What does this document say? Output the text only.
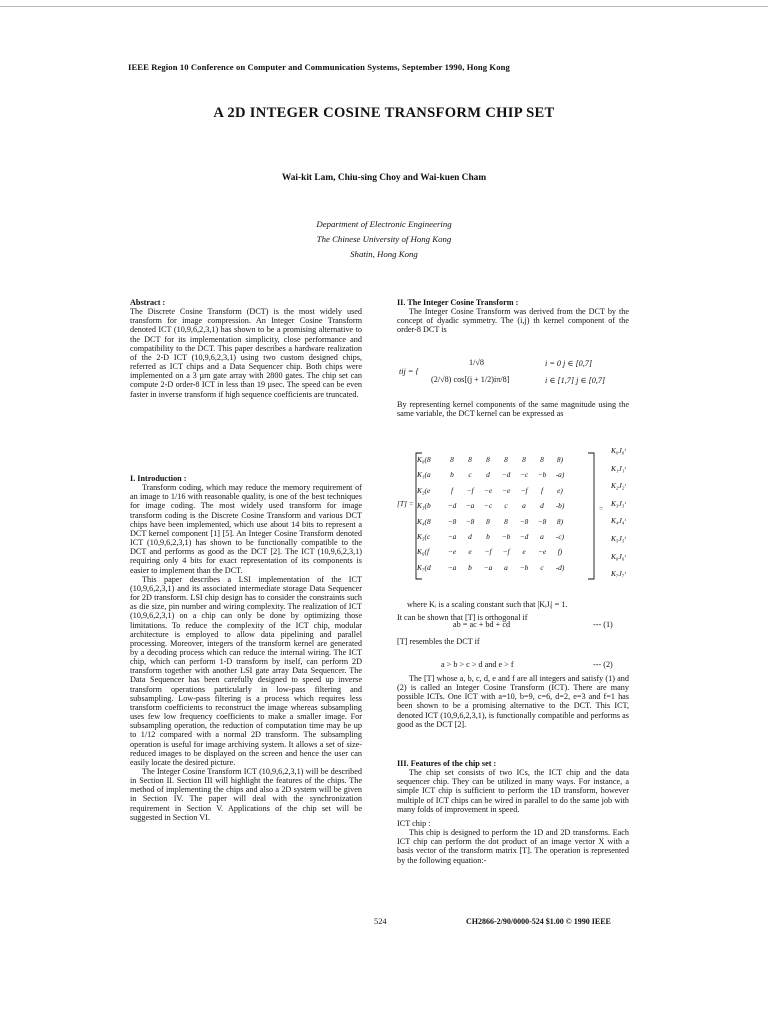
IEEE Region 10 Conference on Computer and Communication Systems, September 1990, Hong Kong
A 2D INTEGER COSINE TRANSFORM CHIP SET
Wai-kit Lam, Chiu-sing Choy and Wai-kuen Cham
Department of Electronic Engineering
The Chinese University of Hong Kong
Shatin, Hong Kong

Abstract :

The Discrete Cosine Transform (DCT) is the most widely used transform for image compression. An Integer Cosine Transform denoted ICT (10,9,6,2,3,1) has shown to be a promising alternative to the DCT for its implementation simplicity, close performance and compatibility to the DCT. This paper describes a hardware realization of the 2-D ICT (10,9,6,2,3,1) using two custom designed chips, referred as ICT chips and a Data Sequencer chip. Both chips were implemented on a 3 µm gate array with 2800 gates. The chip set can compute 2-D order-8 ICT in less than 19 µsec. The speed can be even faster in inverse transform if high sequence coefficients are truncated.

I. Introduction :

Transform coding, which may reduce the memory requirement of an image to 1/16 with reasonable quality, is one of the best techniques for image coding. The most widely used transform for image transform coding is the Discrete Cosine Transform and various DCT chips have been implemented, which use about 14 bits to represent a DCT kernel component [1] [5]. An Integer Cosine Transform denoted ICT (10,9,6,2,3,1) has shown to be functionally compatible to the DCT and performs as good as the DCT [2]. The ICT (10,9,6,2,3,1) requiring only 4 bits for exact representation of its components is easier to implement than the DCT.

This paper describes a LSI implementation of the ICT (10,9,6,2,3,1) and its associated intermediate storage Data Sequencer for 2D transform. LSI chip design has to consider the constraints such as die size, pin number and wiring complexity. The realization of ICT (10,9,6,2,3,1) on a chip can only be done by optimizing those limitations. To reduce the complexity of the ICT chip, modular architecture is employed to allow data pipelining and parallel processing. Moreover, integers of the transform kernel are generated by a decoding process which can reduce the internal wiring. The ICT chip, which can perform 1-D transform by itself, can perform 2D transform together with another LSI gate array Data Sequencer. The Data Sequencer has been carefully designed to speed up inverse transform operations particularly in low-pass filtering and subsampling. Low-pass filtering is a process which requires less transform coefficients to reconstruct the image whereas subsampling uses few low frequency coefficients to make a smaller image. For subsampling operation, the reduction of computation time may be up to 1/12 compared with a normal 2D transform. The subsampling operation is useful for image archiving system. It allows a set of size-reduced images to be displayed on the screen and hence the user can easily locate the desired picture.

The Integer Cosine Transform ICT (10,9,6,2,3,1) will be described in Section II. Section III will highlight the features of the chips. The method of implementing the chips and also a 2D system will be given in Section IV. The paper will deal with the synchronization requirement in Section V. Applications of the chip set will be suggested in Section VI.

II. The Integer Cosine Transform :

The Integer Cosine Transform was derived from the DCT by the concept of dyadic symmetry. The (i,j) th kernel component of the order-8 DCT is

tij = {
1/√8	i = 0 j ∈ [0,7]
(2/√8) cos[(j + 1/2)iπ/8]	i ∈ [1,7] j ∈ [0,7]

By representing kernel components of the same magnitude using the same variable, the DCT kernel can be expressed as

[T] =
K₀(8	8 8 8 8 8 8 8)
K₁(a	b c d −d −c −b -a)
K₂(e	f −f −e −e −f f e)
K₃(b −d −a −c c a d -b)
K₄(8 −8 −8 8 8 −8 −8 8)
K₅(c −a d b −b −d a -c)
K₆(f	−e e −f −f e −e f)
K₇(d −a b −a a −b c -d)
=
K₀J₀ᵗ
K₁J₁ᵗ
K₂J₂ᵗ
K₃J₃ᵗ
K₄J₄ᵗ
K₅J₅ᵗ
K₆J₆ᵗ
K₇J₇ᵗ

where Kᵢ is a scaling constant such that |KᵢJᵢ| = 1.

It can be shown that [T] is orthogonal if

ab = ac + bd + cd	--- (1)
[T] resembles the DCT if
a > b > c > d and e > f	--- (2)

The [T] whose a, b, c, d, e and f are all integers and satisfy (1) and (2) is called an Integer Cosine Transform (ICT). There are many possible ICTs. One ICT with a=10, b=9, c=6, d=2, e=3 and f=1 has been shown to be a promising alternative to the DCT. This ICT, denoted ICT (10,9,6,2,3,1), is functionally compatible and performs as good as the DCT [2].

III. Features of the chip set :

The chip set consists of two ICs, the ICT chip and the data sequencer chip. They can be utilized in many ways. For instance, a simple ICT chip is sufficient to perform the 1D transform, however multiple of ICT chips can be wired in parallel to do the same job with many folds of improvement in speed.

ICT chip :

This chip is designed to perform the 1D and 2D transforms. Each ICT chip can perform the dot product of an image vector X with a basis vector of the transform matrix [T]. The operation is represented by the following equation:-

524	CH2866-2/90/0000-524 $1.00 © 1990 IEEE
